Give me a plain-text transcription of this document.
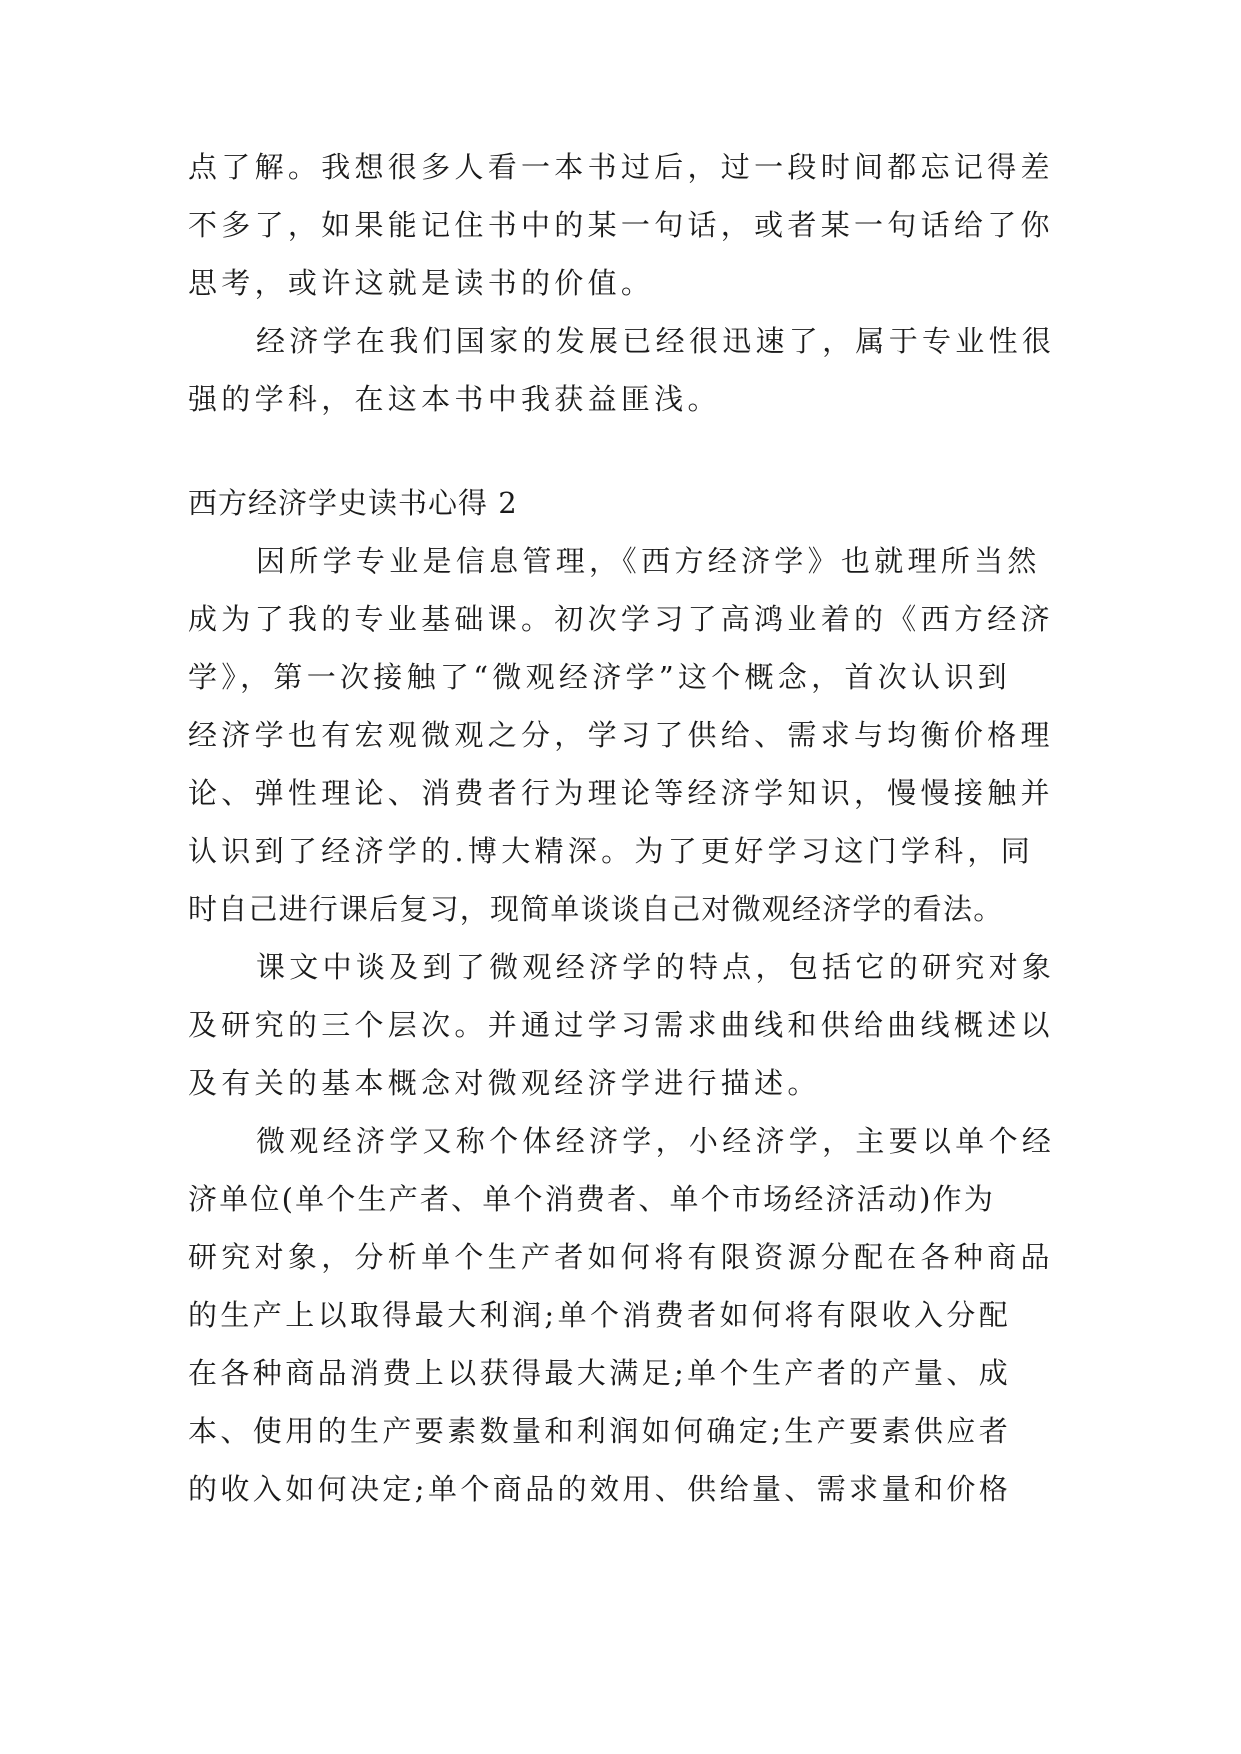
点了解。我想很多人看一本书过后，过一段时间都忘记得差
不多了，如果能记住书中的某一句话，或者某一句话给了你
思考，或许这就是读书的价值。
经济学在我们国家的发展已经很迅速了，属于专业性很
强的学科，在这本书中我获益匪浅。
西方经济学史读书心得 2
因所学专业是信息管理，《西方经济学》也就理所当然
成为了我的专业基础课。初次学习了高鸿业着的《西方经济
学》，第一次接触了“微观经济学”这个概念，首次认识到
经济学也有宏观微观之分，学习了供给、需求与均衡价格理
论、弹性理论、消费者行为理论等经济学知识，慢慢接触并
认识到了经济学的.博大精深。为了更好学习这门学科，同
时自己进行课后复习，现简单谈谈自己对微观经济学的看法。
课文中谈及到了微观经济学的特点，包括它的研究对象
及研究的三个层次。并通过学习需求曲线和供给曲线概述以
及有关的基本概念对微观经济学进行描述。
微观经济学又称个体经济学，小经济学，主要以单个经
济单位(单个生产者、单个消费者、单个市场经济活动)作为
研究对象，分析单个生产者如何将有限资源分配在各种商品
的生产上以取得最大利润;单个消费者如何将有限收入分配
在各种商品消费上以获得最大满足;单个生产者的产量、成
本、使用的生产要素数量和利润如何确定;生产要素供应者
的收入如何决定;单个商品的效用、供给量、需求量和价格
